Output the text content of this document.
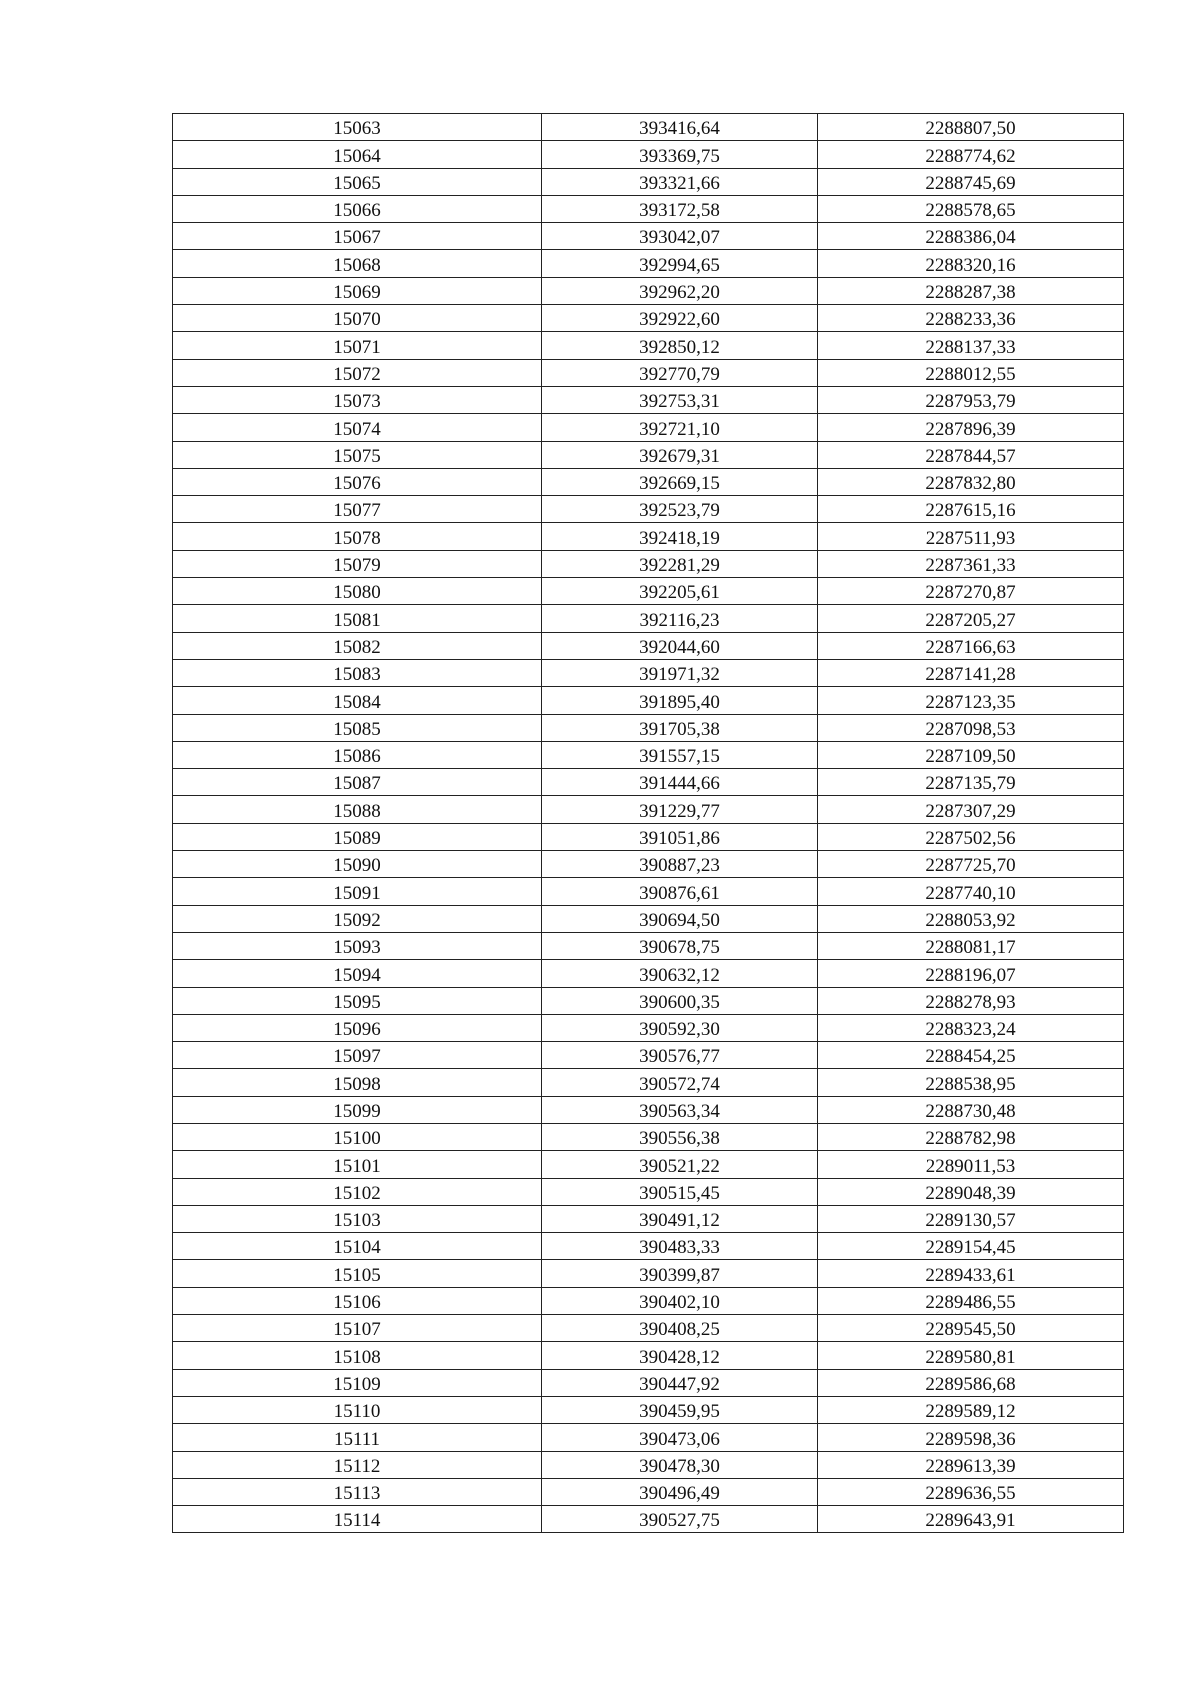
15063	393416,64	2288807,50
15064	393369,75	2288774,62
15065	393321,66	2288745,69
15066	393172,58	2288578,65
15067	393042,07	2288386,04
15068	392994,65	2288320,16
15069	392962,20	2288287,38
15070	392922,60	2288233,36
15071	392850,12	2288137,33
15072	392770,79	2288012,55
15073	392753,31	2287953,79
15074	392721,10	2287896,39
15075	392679,31	2287844,57
15076	392669,15	2287832,80
15077	392523,79	2287615,16
15078	392418,19	2287511,93
15079	392281,29	2287361,33
15080	392205,61	2287270,87
15081	392116,23	2287205,27
15082	392044,60	2287166,63
15083	391971,32	2287141,28
15084	391895,40	2287123,35
15085	391705,38	2287098,53
15086	391557,15	2287109,50
15087	391444,66	2287135,79
15088	391229,77	2287307,29
15089	391051,86	2287502,56
15090	390887,23	2287725,70
15091	390876,61	2287740,10
15092	390694,50	2288053,92
15093	390678,75	2288081,17
15094	390632,12	2288196,07
15095	390600,35	2288278,93
15096	390592,30	2288323,24
15097	390576,77	2288454,25
15098	390572,74	2288538,95
15099	390563,34	2288730,48
15100	390556,38	2288782,98
15101	390521,22	2289011,53
15102	390515,45	2289048,39
15103	390491,12	2289130,57
15104	390483,33	2289154,45
15105	390399,87	2289433,61
15106	390402,10	2289486,55
15107	390408,25	2289545,50
15108	390428,12	2289580,81
15109	390447,92	2289586,68
15110	390459,95	2289589,12
15111	390473,06	2289598,36
15112	390478,30	2289613,39
15113	390496,49	2289636,55
15114	390527,75	2289643,91
